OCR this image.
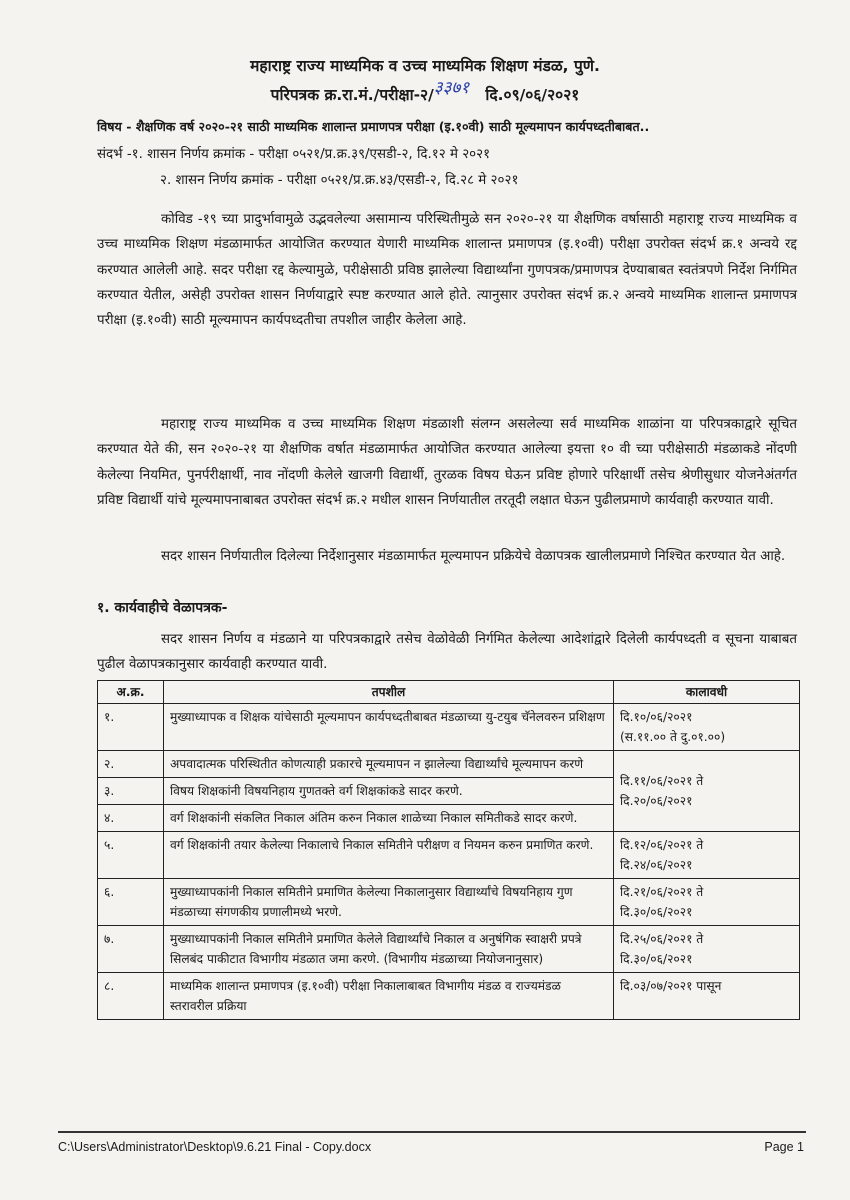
महाराष्ट्र राज्य माध्यमिक व उच्च माध्यमिक शिक्षण मंडळ, पुणे.
परिपत्रक क्र.रा.मं./परीक्षा-२/३३७१ दि.०९/०६/२०२१
विषय - शैक्षणिक वर्ष २०२०-२१ साठी माध्यमिक शालान्त प्रमाणपत्र परीक्षा (इ.१०वी) साठी मूल्यमापन कार्यपध्दतीबाबत..
संदर्भ -१. शासन निर्णय क्रमांक - परीक्षा ०५२१/प्र.क्र.३९/एसडी-२, दि.१२ मे २०२१
२. शासन निर्णय क्रमांक - परीक्षा ०५२१/प्र.क्र.४३/एसडी-२, दि.२८ मे २०२१
कोविड -१९ च्या प्रादुर्भावामुळे उद्भवलेल्या असामान्य परिस्थितीमुळे सन २०२०-२१ या शैक्षणिक वर्षासाठी महाराष्ट्र राज्य माध्यमिक व उच्च माध्यमिक शिक्षण मंडळामार्फत आयोजित करण्यात येणारी माध्यमिक शालान्त प्रमाणपत्र (इ.१०वी) परीक्षा उपरोक्त संदर्भ क्र.१ अन्वये रद्द करण्यात आलेली आहे. सदर परीक्षा रद्द केल्यामुळे, परीक्षेसाठी प्रविष्ठ झालेल्या विद्यार्थ्यांना गुणपत्रक/प्रमाणपत्र देण्याबाबत स्वतंत्रपणे निर्देश निर्गमित करण्यात येतील, असेही उपरोक्त शासन निर्णयाद्वारे स्पष्ट करण्यात आले होते. त्यानुसार उपरोक्त संदर्भ क्र.२ अन्वये माध्यमिक शालान्त प्रमाणपत्र परीक्षा (इ.१०वी) साठी मूल्यमापन कार्यपध्दतीचा तपशील जाहीर केलेला आहे.
महाराष्ट्र राज्य माध्यमिक व उच्च माध्यमिक शिक्षण मंडळाशी संलग्न असलेल्या सर्व माध्यमिक शाळांना या परिपत्रकाद्वारे सूचित करण्यात येते की, सन २०२०-२१ या शैक्षणिक वर्षात मंडळामार्फत आयोजित करण्यात आलेल्या इयत्ता १० वी च्या परीक्षेसाठी मंडळाकडे नोंदणी केलेल्या नियमित, पुनर्परीक्षार्थी, नाव नोंदणी केलेले खाजगी विद्यार्थी, तुरळक विषय घेऊन प्रविष्ट होणारे परिक्षार्थी तसेच श्रेणीसुधार योजनेअंतर्गत प्रविष्ट विद्यार्थी यांचे मूल्यमापनाबाबत उपरोक्त संदर्भ क्र.२ मधील शासन निर्णयातील तरतूदी लक्षात घेऊन पुढीलप्रमाणे कार्यवाही करण्यात यावी.
सदर शासन निर्णयातील दिलेल्या निर्देशानुसार मंडळामार्फत मूल्यमापन प्रक्रियेचे वेळापत्रक खालीलप्रमाणे निश्चित करण्यात येत आहे.
१. कार्यवाहीचे वेळापत्रक-
सदर शासन निर्णय व मंडळाने या परिपत्रकाद्वारे तसेच वेळोवेळी निर्गमित केलेल्या आदेशांद्वारे दिलेली कार्यपध्दती व सूचना याबाबत पुढील वेळापत्रकानुसार कार्यवाही करण्यात यावी.
अ.क्र.	तपशील	कालावधी
१.	मुख्याध्यापक व शिक्षक यांचेसाठी मूल्यमापन कार्यपध्दतीबाबत मंडळाच्या यु-टयुब चॅनेलवरुन प्रशिक्षण	दि.१०/०६/२०२१
(स.११.०० ते दु.०१.००)
२.	अपवादात्मक परिस्थितीत कोणत्याही प्रकारचे मूल्यमापन न झालेल्या विद्यार्थ्यांचे मूल्यमापन करणे	दि.११/०६/२०२१ ते
दि.२०/०६/२०२१
३.	विषय शिक्षकांनी विषयनिहाय गुणतक्ते वर्ग शिक्षकांकडे सादर करणे.	
४.	वर्ग शिक्षकांनी संकलित निकाल अंतिम करुन निकाल शाळेच्या निकाल समितीकडे सादर करणे.	
५.	वर्ग शिक्षकांनी तयार केलेल्या निकालाचे निकाल समितीने परीक्षण व नियमन करुन प्रमाणित करणे.	दि.१२/०६/२०२१ ते
दि.२४/०६/२०२१
६.	मुख्याध्यापकांनी निकाल समितीने प्रमाणित केलेल्या निकालानुसार विद्यार्थ्यांचे विषयनिहाय गुण मंडळाच्या संगणकीय प्रणालीमध्ये भरणे.	दि.२१/०६/२०२१ ते
दि.३०/०६/२०२१
७.	मुख्याध्यापकांनी निकाल समितीने प्रमाणित केलेले विद्यार्थ्यांचे निकाल व अनुषंगिक स्वाक्षरी प्रपत्रे सिलबंद पाकीटात विभागीय मंडळात जमा करणे. (विभागीय मंडळाच्या नियोजनानुसार)	दि.२५/०६/२०२१ ते
दि.३०/०६/२०२१
८.	माध्यमिक शालान्त प्रमाणपत्र (इ.१०वी) परीक्षा निकालाबाबत विभागीय मंडळ व राज्यमंडळ स्तरावरील प्रक्रिया	दि.०३/०७/२०२१ पासून
C:\Users\Administrator\Desktop\9.6.21 Final - Copy.docx	Page 1
